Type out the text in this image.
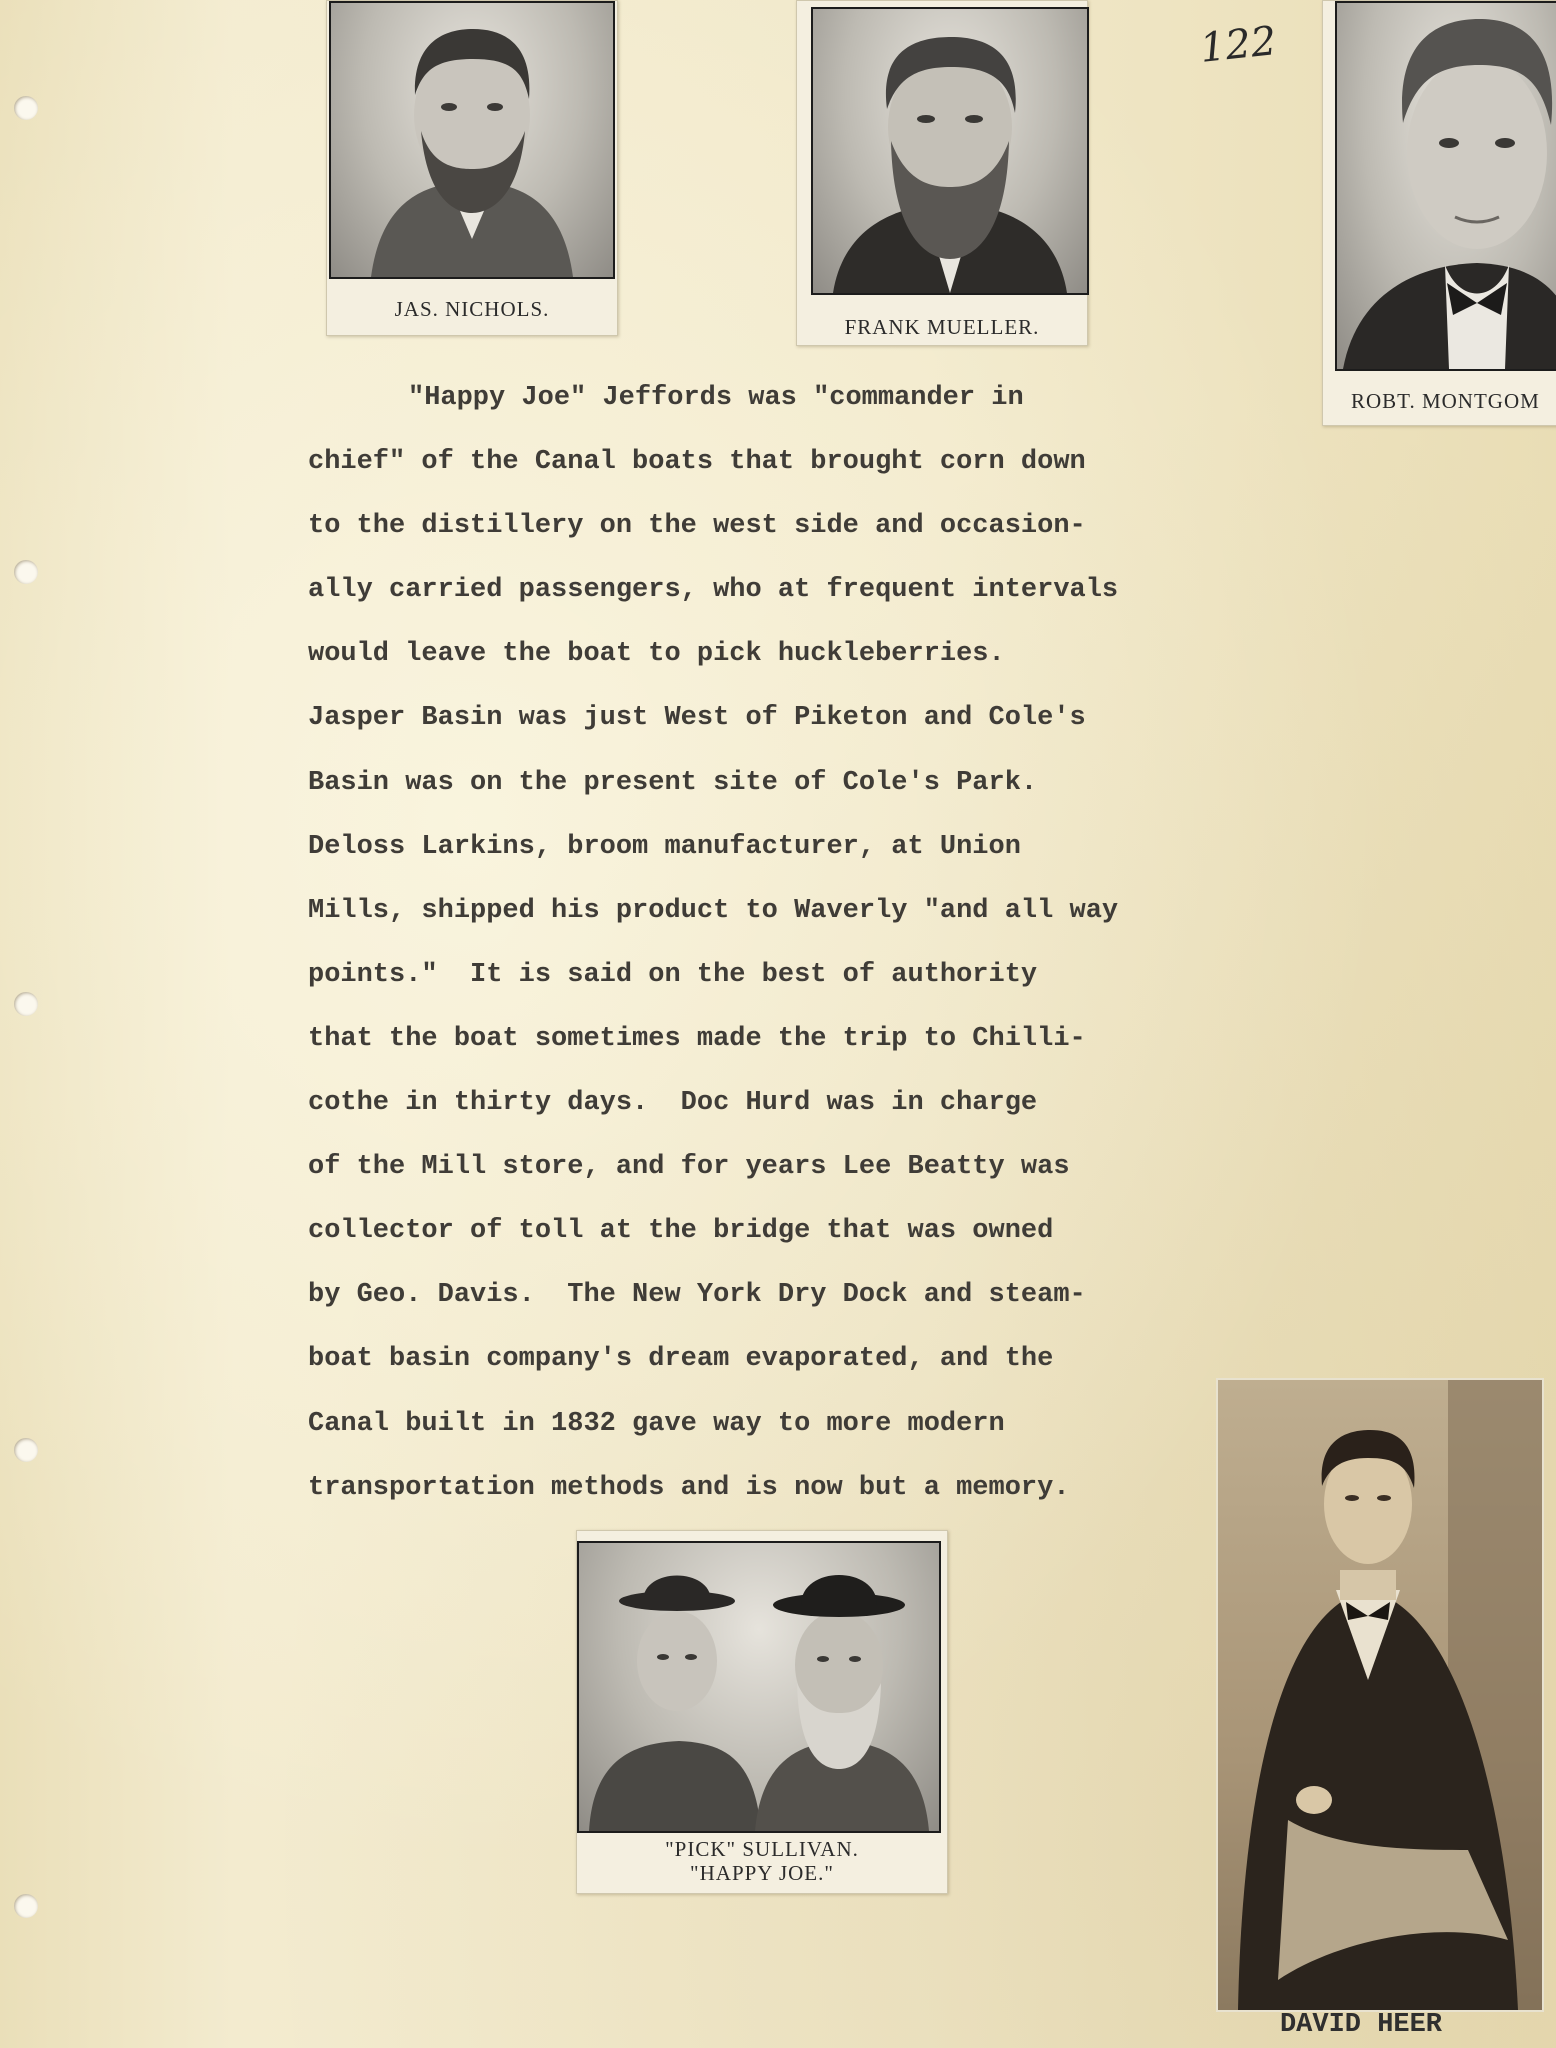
122
JAS. NICHOLS.
FRANK MUELLER.
ROBT. MONTGOM
"Happy Joe" Jeffords was "commander in
chief" of the Canal boats that brought corn down
to the distillery on the west side and occasion-
ally carried passengers, who at frequent intervals
would leave the boat to pick huckleberries.
Jasper Basin was just West of Piketon and Cole's
Basin was on the present site of Cole's Park.
Deloss Larkins, broom manufacturer, at Union
Mills, shipped his product to Waverly "and all way
points."  It is said on the best of authority
that the boat sometimes made the trip to Chilli-
cothe in thirty days.  Doc Hurd was in charge
of the Mill store, and for years Lee Beatty was
collector of toll at the bridge that was owned
by Geo. Davis.  The New York Dry Dock and steam-
boat basin company's dream evaporated, and the
Canal built in 1832 gave way to more modern
transportation methods and is now but a memory.
"PICK" SULLIVAN.
"HAPPY JOE."
DAVID HEER
